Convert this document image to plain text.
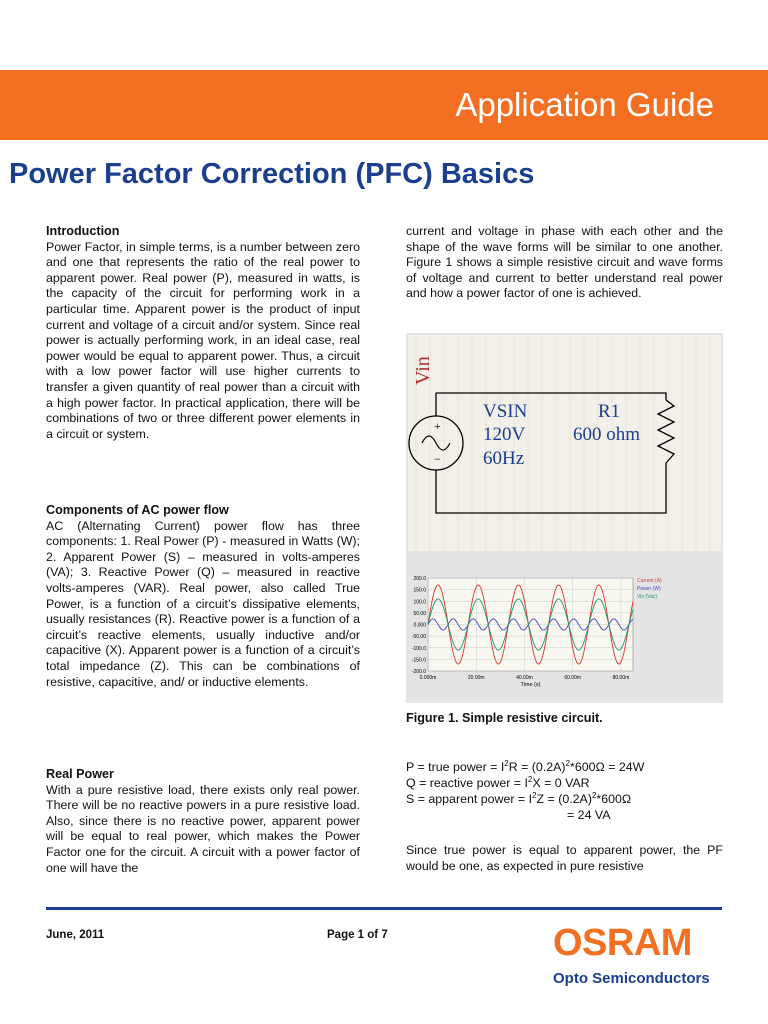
Application Guide
Power Factor Correction (PFC) Basics
Introduction

Power Factor, in simple terms, is a number between zero and one that represents the ratio of the real power to apparent power. Real power (P), measured in watts, is the capacity of the circuit for performing work in a particular time. Apparent power is the product of input current and voltage of a circuit and/or system. Since real power is actually performing work, in an ideal case, real power would be equal to apparent power. Thus, a circuit with a low power factor will use higher currents to transfer a given quantity of real power than a circuit with a high power factor. In practical application, there will be combinations of two or three different power elements in a circuit or system.

Components of AC power flow

AC (Alternating Current) power flow has three components: 1. Real Power (P) - measured in Watts (W); 2. Apparent Power (S) – measured in volts-amperes (VA); 3. Reactive Power (Q) – measured in reactive volts-amperes (VAR). Real power, also called True Power, is a function of a circuit’s dissipative elements, usually resistances (R). Reactive power is a function of a circuit’s reactive elements, usually inductive and/or capacitive (X). Apparent power is a function of a circuit’s total impedance (Z). This can be combinations of resistive, capacitive, and/ or inductive elements.

Real Power

With a pure resistive load, there exists only real power. There will be no reactive powers in a pure resistive load. Also, since there is no reactive power, apparent power will be equal to real power, which makes the Power Factor one for the circuit. A circuit with a power factor of one will have the

current and voltage in phase with each other and the shape of the wave forms will be similar to one another. Figure 1 shows a simple resistive circuit and wave forms of voltage and current to better understand real power and how a power factor of one is achieved.

+
−
Vin
VSIN
120V
60Hz
R1
600 ohm
200.0
150.0
100.0
50.00
0.000
-50.00
-100.0
-150.0
-200.0
0.000m	20.00m	40.00m	60.00m	80.00m
Time (s)
Current (A)
Power (W)
Vin (Vac)
Figure 1. Simple resistive circuit.
P = true power = $I^2R = (0.2A)^2*600\Omega = 24W$
Q = reactive power = $I^2X = 0$ VAR
S = apparent power = $I^2Z = (0.2A)^2*600\Omega$
= 24 VA

Since true power is equal to apparent power, the PF would be one, as expected in pure resistive

June, 2011	Page 1 of 7	OSRAM
Opto Semiconductors
